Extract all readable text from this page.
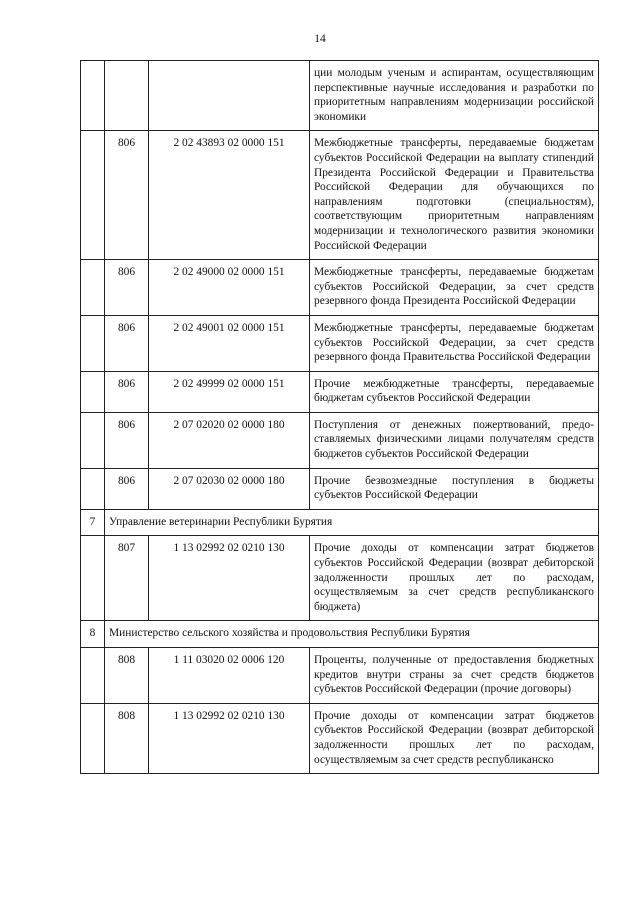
14
			ции молодым ученым и аспирантам, осуществляющим перспективные научные исследования и разработки по приоритетным направлениям модернизации российской экономики
	806	2 02 43893 02 0000 151	Межбюджетные трансферты, передаваемые бюджетам субъектов Российской Федерации на выплату стипендий Президента Российской Федерации и Правительства Российской Федерации для обучающихся по направлениям подготовки (специальностям), соответствующим приоритетным направлениям модернизации и технологического развития экономики Российской Федерации
	806	2 02 49000 02 0000 151	Межбюджетные трансферты, передаваемые бюджетам субъектов Российской Федерации, за счет средств резервного фонда Президента Российской Федерации
	806	2 02 49001 02 0000 151	Межбюджетные трансферты, передаваемые бюджетам субъектов Российской Федерации, за счет средств резервного фонда Правительства Российской Федерации
	806	2 02 49999 02 0000 151	Прочие межбюджетные трансферты, передаваемые бюджетам субъектов Российской Федерации
	806	2 07 02020 02 0000 180	Поступления от денежных пожертвований, предоставляемых физическими лицами получателям средств бюджетов субъектов Российской Федерации
	806	2 07 02030 02 0000 180	Прочие безвозмездные поступления в бюджеты субъектов Российской Федерации
7	Управление ветеринарии Республики Бурятия		
	807	1 13 02992 02 0210 130	Прочие доходы от компенсации затрат бюджетов субъектов Российской Федерации (возврат дебиторской задолженности прошлых лет по расходам, осуществляемым за счет средств республиканского бюджета)
8	Министерство сельского хозяйства и продовольствия Республики Бурятия		
	808	1 11 03020 02 0006 120	Проценты, полученные от предоставления бюджетных кредитов внутри страны за счет средств бюджетов субъектов Российской Федерации (прочие договоры)
	808	1 13 02992 02 0210 130	Прочие доходы от компенсации затрат бюджетов субъектов Российской Федерации (возврат дебиторской задолженности прошлых лет по расходам, осуществляемым за счет средств республиканско
